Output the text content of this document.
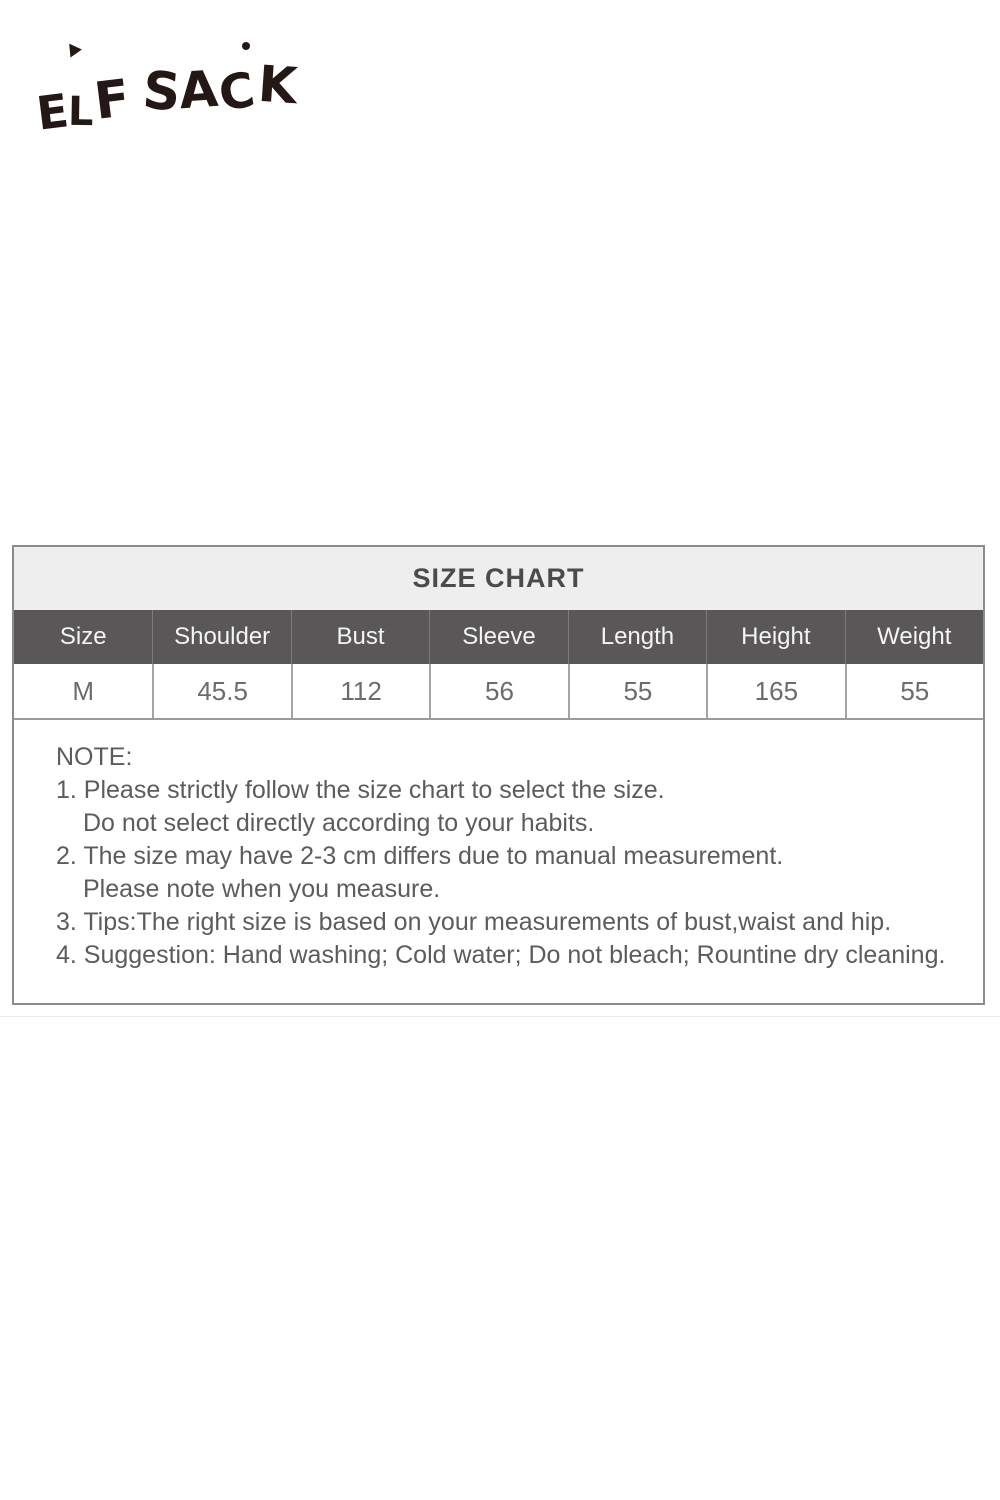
E
L
F S
A
C
K
SIZE CHART
Size	Shoulder	Bust	Sleeve	Length	Height	Weight
M	45.5	112	56	55	165	55
NOTE:
1. Please strictly follow the size chart to select the size.
Do not select directly according to your habits.
2. The size may have 2-3 cm differs due to manual measurement.
Please note when you measure.
3. Tips:The right size is based on your measurements of bust,waist and hip.
4. Suggestion: Hand washing; Cold water; Do not bleach; Rountine dry cleaning.
